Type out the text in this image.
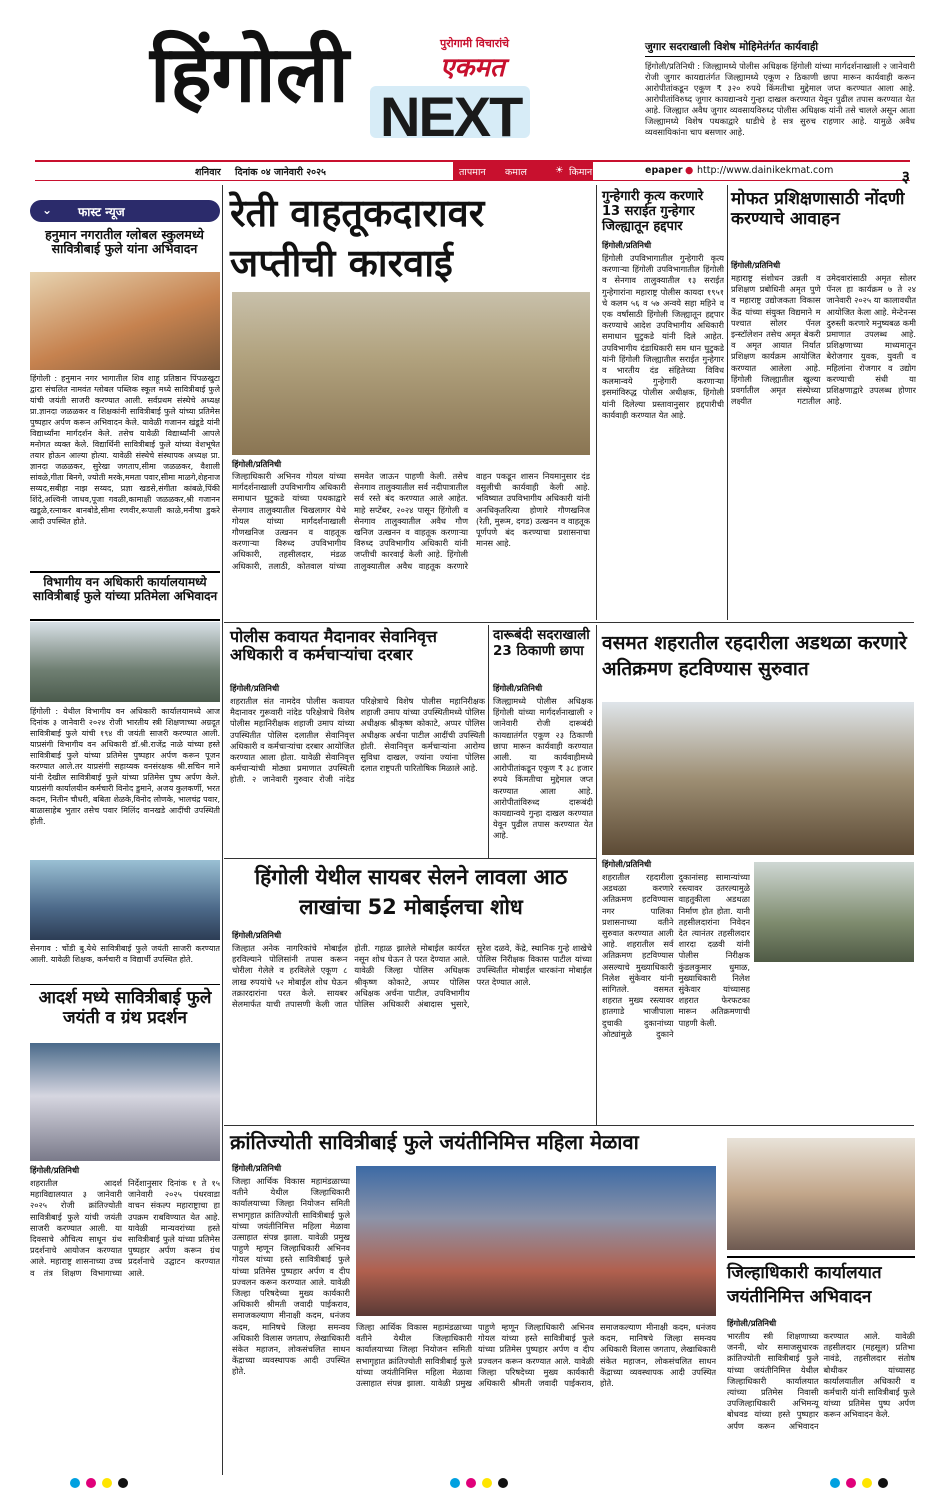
हिंगोली	पुरोगामी विचारांचे
एकमत
NEXT
जुगार सदराखाली विशेष मोहिमेतंर्गत कार्यवाही

हिंगोली/प्रतिनिधी : जिल्ह्यामध्ये पोलीस अधिक्षक हिंगोली यांच्या मार्गदर्शनाखाली २ जानेवारी रोजी जुगार कायद्यातंर्गत जिल्ह्यामध्ये एकूण २ ठिकाणी छापा मारून कार्यवाही करून आरोपीतांकडून एकूण ₹ ३२० रुपये किंमतीचा मुद्देमाल जप्त करण्यात आला आहे. आरोपीतांविरुध्द जुगार कायद्यान्वये गुन्हा दाखल करण्यात येवून पुढील तपास करण्यात येत आहे. जिल्ह्यात अवैध जुगार व्यवसायविरुध्द पोलीस अधिक्षक यांनी तसे चालले असून आता जिल्ह्यामध्ये विशेष पथकाद्वारे धाडीचे हे सत्र सुरुच राहणार आहे. यामुळे अवैध व्यवसायिकांना चाप बसणार आहे.

शनिवार दिनांक ०४ जानेवारी २०२५	तापमान कमाल	☀ किमान	epaper ● http://www.dainikekmat.com	३
⌄ फास्ट न्यूज
हनुमान नगरातील ग्लोबल स्कुलमध्ये सावित्रीबाई फुले यांना अभिवादन
हिंगोली : हनुमान नगर भागातील शिव शाहू प्रतिष्ठान पिंपळखुटा द्वारा संचलित नामवंत ग्लोबल पब्लिक स्कूल मध्ये सावित्रीबाई फुले यांची जयंती साजरी करण्यात आली. सर्वप्रथम संस्थेचे अध्यक्ष प्रा.ज्ञानदा जळळकर व शिक्षकांनी सावित्रीबाई फुले यांच्या प्रतिमेस पुष्पहार अर्पण करून अभिवादन केले. यावेळी गजानन खंडूडे यांनी विद्यार्थ्यांना मार्गदर्शन केले. तसेच यावेळी विद्यार्थ्यांनी आपले मनोगत व्यक्त केले. विद्यार्थिनी सावित्रीबाई फुले यांच्या वेशभूषेत तयार होऊन आल्या होत्या. यावेळी संस्थेचे संस्थापक अध्यक्ष प्रा. ज्ञानदा जळळकर, सुरेखा जगताप,सीमा जळळकर, वैशाली सांवळे,गीता बिनगे, ज्योती मरके,ममता पवार,सीमा माळगे,शेहनाज सय्यद,सबीहा नाझ सय्यद, प्रज्ञा खडसे,संगीता कांबळे,पिंकी शिंदे,अश्विनी जाधव,पूजा गवळी,कामाक्षी जळळकर,श्री गजानन खडूळे,रत्नाकर बानबोडे,सीमा रणवीर,रूपाली काळे,मनीषा डुकरे आदी उपस्थित होते.
विभागीय वन अधिकारी कार्यालयामध्ये सावित्रीबाई फुले यांच्या प्रतिमेला अभिवादन
हिंगोली : येथील विभागीय वन अधिकारी कार्यालयामध्ये आज दिनांक ३ जानेवारी २०२४ रोजी भारतीय स्त्री शिक्षणाच्या अग्रदूत सावित्रीबाई फुले यांची १९४ वी जयंती साजरी करण्यात आली. याप्रसंगी विभागीय वन अधिकारी डॉ.श्री.राजेंद्र नाळे यांच्या हस्ते सावित्रीबाई फुले यांच्या प्रतिमेस पुष्पहार अर्पण करून पूजन करण्यात आले.तर याप्रसंगी सहाय्यक वनसंरक्षक श्री.सचिन माने यांनी देखील सावित्रीबाई फुले यांच्या प्रतिमेस पुष्प अर्पण केले. याप्रसंगी कार्यालयीन कर्मचारी विनोद डुमाने, अजय कुलकर्णी, भरत कदम, नितीन चौधरी, बबिता शेळके,विनोद लोणके, भालचंद्र पवार, बाळासाहेब भुतार तसेच पवार मिलिंद वानखडे आदींची उपस्थिती होती.
सेनगाव : चोंडी बु.येथे सावित्रीबाई फुले जयंती साजरी करण्यात आली. यावेळी शिक्षक, कर्मचारी व विद्यार्थी उपस्थित होते.
आदर्श मध्ये सावित्रीबाई फुले जयंती व ग्रंथ प्रदर्शन
हिंगोली/प्रतिनिधी
शहरातील आदर्श महाविद्यालयात ३ जानेवारी २०२५ रोजी क्रांतिज्योती सावित्रीबाई फुले यांची जयंती साजरी करण्यात आली. या दिवसाचे औचित्य साधून ग्रंथ प्रदर्शनाचे आयोजन करण्यात आले. महाराष्ट्र शासनाच्या उच्च व तंत्र शिक्षण विभागाच्या निर्देशानुसार दिनांक १ ते १५ जानेवारी २०२५ पंधरवाडा वाचन संकल्प महाराष्ट्राचा हा उपक्रम राबविण्यात येत आहे. यावेळी मान्यवरांच्या हस्ते सावित्रीबाई फुले यांच्या प्रतिमेस पुष्पहार अर्पण करून ग्रंथ प्रदर्शनाचे उद्घाटन करण्यात आले.
रेती वाहतूकदारावर जप्तीची कारवाई
हिंगोली/प्रतिनिधी
जिल्हाधिकारी अभिनव गोयल यांच्या मार्गदर्शनाखाली उपविभागीय अधिकारी समाधान घुटुकडे यांच्या पथकाद्वारे सेनगाव तालुक्यातील चिखलागर येथे गोयल यांच्या मार्गदर्शनाखाली गौणखनिज उत्खनन व वाहतूक करणाऱ्या विरुध्द उपविभागीय अधिकारी, तहसीलदार, मंडळ अधिकारी, तलाठी, कोतवाल यांच्या समवेत जाऊन पाहणी केली. तसेच सेनगाव तालुक्यातील सर्व नदीपात्रातील सर्व रस्ते बंद करण्यात आले आहेत. माहे सप्टेंबर, २०२४ पासून हिंगोली व सेनगाव तालुक्यातील अवैध गौण खनिज उत्खनन व वाहतूक करणाऱ्या विरुध्द उपविभागीय अधिकारी यांनी जप्तीची कारवाई केली आहे. हिंगोली तालुक्यातील अवैध वाहतूक करणारे वाहन पकडून शासन नियमानुसार दंड वसुलीची कार्यवाही केली आहे. भविष्यात उपविभागीय अधिकारी यांनी अनधिकृतरित्या होणारे गौणखनिज (रेती, मुरूम, दगड) उत्खनन व वाहतूक पूर्णपणे बंद करण्याचा प्रशासनाचा मानस आहे.
गुन्हेगारी कृत्य करणारे 13 सराईत गुन्हेगार जिल्ह्यातून हद्दपार
हिंगोली/प्रतिनिधी
हिंगोली उपविभागातील गुन्हेगारी कृत्य करणाऱ्या हिंगोली उपविभागातील हिंगोली व सेनगाव तालुक्यातील १३ सराईत गुन्हेगारांना महाराष्ट्र पोलीस कायदा १९५१ चे कलम ५६ व ५७ अन्वये सहा महिने व एक वर्षांसाठी हिंगोली जिल्ह्यातून हद्दपार करण्याचे आदेश उपविभागीय अधिकारी समाधान घुटुकडे यांनी दिले आहेत. उपविभागीय दंडाधिकारी सम धान घुटुकडे यांनी हिंगोली जिल्ह्यातील सराईत गुन्हेगार व भारतीय दंड संहितेच्या विविध कलमान्वये गुन्हेगारी करणाऱ्या इसमांविरुद्ध पोलीस अधीक्षक, हिंगोली यांनी दिलेल्या प्रस्तावानुसार हद्दपारीची कार्यवाही करण्यात येत आहे.
मोफत प्रशिक्षणासाठी नोंदणी करण्याचे आवाहन
हिंगोली/प्रतिनिधी
महाराष्ट्र संशोधन उन्नती व प्रशिक्षण प्रबोधिनी अमृत पुणे व महाराष्ट्र उद्योजकता विकास केंद्र यांच्या संयुक्त विद्यमाने म पश्चात सोलर पॅनल इन्स्टॉलेशन तसेच अमृत बेकरी व अमृत आयात निर्यात प्रशिक्षण कार्यक्रम आयोजित करण्यात आलेला आहे. हिंगोली जिल्ह्यातील खुल्या प्रवर्गातील अमृत संस्थेच्या लक्ष्यीत गटातील उमेदवारांसाठी अमृत सोलर पॅनल हा कार्यक्रम ७ ते २४ जानेवारी २०२५ या कालावधीत आयोजित केला आहे. मेन्टेनन्स दुरुस्ती करणारे मनुष्यबळ कमी प्रमाणात उपलब्ध आहे. प्रशिक्षणाच्या माध्यमातून बेरोजगार युवक, युवती व महिलांना रोजगार व उद्योग करण्याची संधी या प्रशिक्षणाद्वारे उपलब्ध होणार आहे.
पोलीस कवायत मैदानावर सेवानिवृत्त अधिकारी व कर्मचाऱ्यांचा दरबार
हिंगोली/प्रतिनिधी
शहरातील संत नामदेव पोलीस कवायत मैदानावर गुरूवारी नांदेड परिक्षेत्राचे विशेष पोलीस महानिरीक्षक शहाजी उमाप यांच्या उपस्थितीत पोलिस दलातील सेवानिवृत्त अधिकारी व कर्मचाऱ्यांचा दरबार आयोजित करण्यात आला होता. यावेळी सेवानिवृत्त कर्मचाऱ्यांची मोठ्या प्रमाणात उपस्थिती होती. २ जानेवारी गुरुवार रोजी नांदेड परिक्षेत्राचे विशेष पोलीस महानिरीक्षक शहाजी उमाप यांच्या उपस्थितीमध्ये पोलिस अधीक्षक श्रीकृष्ण कोकाटे, अप्पर पोलिस अधीक्षक अर्चना पाटील आदींची उपस्थिती होती. सेवानिवृत्त कर्मचाऱ्यांना आरोग्य सुविधा दाखल, ज्यांना ज्यांना पोलिस दलात राष्ट्रपती पारितोषिक मिळाले आहे.
दारूबंदी सदराखाली 23 ठिकाणी छापा
हिंगोली/प्रतिनिधी
जिल्ह्यामध्ये पोलीस अधिक्षक हिंगोली यांच्या मार्गदर्शनाखाली २ जानेवारी रोजी दारूबंदी कायद्यातंर्गत एकूण २३ ठिकाणी छापा मारून कार्यवाही करण्यात आली. या कार्यवाहीमध्ये आरोपीतांकडून एकूण ₹ ३८ हजार रुपये किंमतीचा मुद्देमाल जप्त करण्यात आला आहे. आरोपीतांविरुध्द दारूबंदी कायद्यान्वये गुन्हा दाखल करण्यात येवून पुढील तपास करण्यात येत आहे.
वसमत शहरातील रहदारीला अडथळा करणारे अतिक्रमण हटविण्यास सुरुवात
हिंगोली/प्रतिनिधी
शहरातील रहदारीला अडथळा करणारे अतिक्रमण हटविण्यास नगर पालिका प्रशासनाच्या वतीने सुरुवात करण्यात आली आहे. शहरातील सर्व अतिक्रमण हटविण्यास असल्याचे मुख्याधिकारी निलेश सुंकेवार यांनी सांगितले. वसमत शहरात मुख्य रस्त्यावर हातगाडे भाजीपाला दुचाकी दुकानांच्या ओट्यांमुळे दुकाने दुकानांसह सामान्यांच्या रस्त्यावर उतरल्यामुळे वाहतुकीला अडथळा निर्माण होत होता. यानी तहसीलदारांना निवेदन देत त्यानंतर तहसीलदार शारदा दळवी यांनी पोलीस निरीक्षक कुंडलकुमार धुमाळ, मुख्याधिकारी निलेश सुंकेवार यांच्यासह शहरात फेरफटका मारून अतिक्रमणाची पाहणी केली.
हिंगोली येथील सायबर सेलने लावला आठ लाखांचा 52 मोबाईलचा शोध
हिंगोली/प्रतिनिधी
जिल्हात अनेक नागरिकांचे मोबाईल हरविल्याने पोलिसांनी तपास करून चोरीला गेलेले व हरविलेले एकूण ८ लाख रुपयांचे ५२ मोबाईल शोध घेऊन तक्रारदारांना परत केले. सायबर सेलमार्फत याची तपासणी केली जात होती. गहाळ झालेले मोबाईल कार्यरत नसून शोध घेऊन ते परत देण्यात आले. यावेळी जिल्हा पोलिस अधिक्षक श्रीकृष्ण कोकाटे, अप्पर पोलिस अधिक्षक अर्चना पाटील, उपविभागीय पोलिस अधिकारी अंबादास भुसारे, सुरेश दळवे, केंद्रे, स्थानिक गुन्हे शाखेचे पोलिस निरीक्षक विकास पाटील यांच्या उपस्थितीत मोबाईल धारकांना मोबाईल परत देण्यात आले.
क्रांतिज्योती सावित्रीबाई फुले जयंतीनिमित्त महिला मेळावा
हिंगोली/प्रतिनिधी
जिल्हा आर्थिक विकास महामंडळाच्या वतीने येथील जिल्हाधिकारी कार्यालयाच्या जिल्हा नियोजन समिती सभागृहात क्रांतिज्योती सावित्रीबाई फुले यांच्या जयंतीनिमित्त महिला मेळावा उत्साहात संपन्न झाला. यावेळी प्रमुख पाहुणे म्हणून जिल्हाधिकारी अभिनव गोयल यांच्या हस्ते सावित्रीबाई फुले यांच्या प्रतिमेस पुष्पहार अर्पण व दीप प्रज्वलन करून करण्यात आले. यावेळी जिल्हा परिषदेच्या मुख्य कार्यकारी अधिकारी श्रीमती जवादी पाईकराव, समाजकल्याण मीनाक्षी कदम, धनंजय कदम, मानिषचे जिल्हा समन्वय अधिकारी विलास जगताप, लेखाधिकारी संकेत महाजन, लोकसंचलित साधन केंद्राच्या व्यवस्थापक आदी उपस्थित होते.
जिल्हा आर्थिक विकास महामंडळाच्या वतीने येथील जिल्हाधिकारी कार्यालयाच्या जिल्हा नियोजन समिती सभागृहात क्रांतिज्योती सावित्रीबाई फुले यांच्या जयंतीनिमित्त महिला मेळावा उत्साहात संपन्न झाला. यावेळी प्रमुख पाहुणे म्हणून जिल्हाधिकारी अभिनव गोयल यांच्या हस्ते सावित्रीबाई फुले यांच्या प्रतिमेस पुष्पहार अर्पण व दीप प्रज्वलन करून करण्यात आले. यावेळी जिल्हा परिषदेच्या मुख्य कार्यकारी अधिकारी श्रीमती जवादी पाईकराव, समाजकल्याण मीनाक्षी कदम, धनंजय कदम, मानिषचे जिल्हा समन्वय अधिकारी विलास जगताप, लेखाधिकारी संकेत महाजन, लोकसंचलित साधन केंद्राच्या व्यवस्थापक आदी उपस्थित होते.
जिल्हाधिकारी कार्यालयात जयंतीनिमित्त अभिवादन
हिंगोली/प्रतिनिधी
भारतीय स्त्री शिक्षणाच्या जननी, थोर समाजसुधारक क्रांतिज्योती सावित्रीबाई फुले यांच्या जयंतीनिमित्त येथील जिल्हाधिकारी कार्यालयात त्यांच्या प्रतिमेस निवासी उपजिल्हाधिकारी अभिमन्यू बोधवड यांच्या हस्ते पुष्पहार अर्पण करून अभिवादन करण्यात आले. यावेळी तहसीलदार (महसूल) प्रतिभा नावंडे, तहसीलदार संतोष बोथीकर यांच्यासह कार्यालयातील अधिकारी व कर्मचारी यांनी सावित्रीबाई फुले यांच्या प्रतिमेस पुष्प अर्पण करून अभिवादन केले.
